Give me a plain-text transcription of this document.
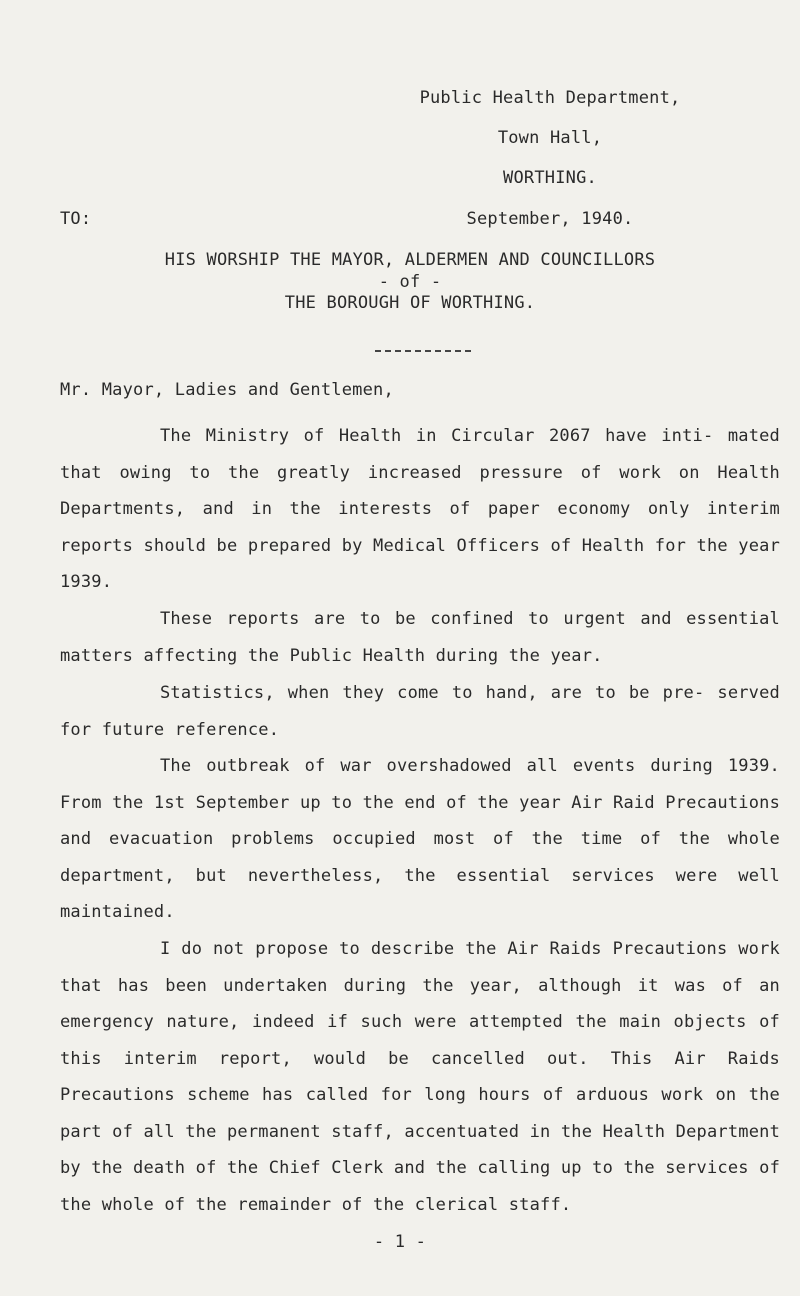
Public Health Department,
Town Hall,
WORTHING.
TO:	September, 1940.
HIS WORSHIP THE MAYOR, ALDERMEN AND COUNCILLORS
- of -
THE BOROUGH OF WORTHING.
Mr. Mayor, Ladies and Gentlemen,
The Ministry of Health in Circular 2067 have inti- mated that owing to the greatly increased pressure of work on Health Departments, and in the interests of paper economy only interim reports should be prepared by Medical Officers of Health for the year 1939.
These reports are to be confined to urgent and essential matters affecting the Public Health during the year.
Statistics, when they come to hand, are to be pre- served for future reference.
The outbreak of war overshadowed all events during 1939. From the 1st September up to the end of the year Air Raid Precautions and evacuation problems occupied most of the time of the whole department, but nevertheless, the essential services were well maintained.
I do not propose to describe the Air Raids Precautions work that has been undertaken during the year, although it was of an emergency nature, indeed if such were attempted the main objects of this interim report, would be cancelled out. This Air Raids Precautions scheme has called for long hours of arduous work on the part of all the permanent staff, accentuated in the Health Department by the death of the Chief Clerk and the calling up to the services of the whole of the remainder of the clerical staff.
- 1 -
